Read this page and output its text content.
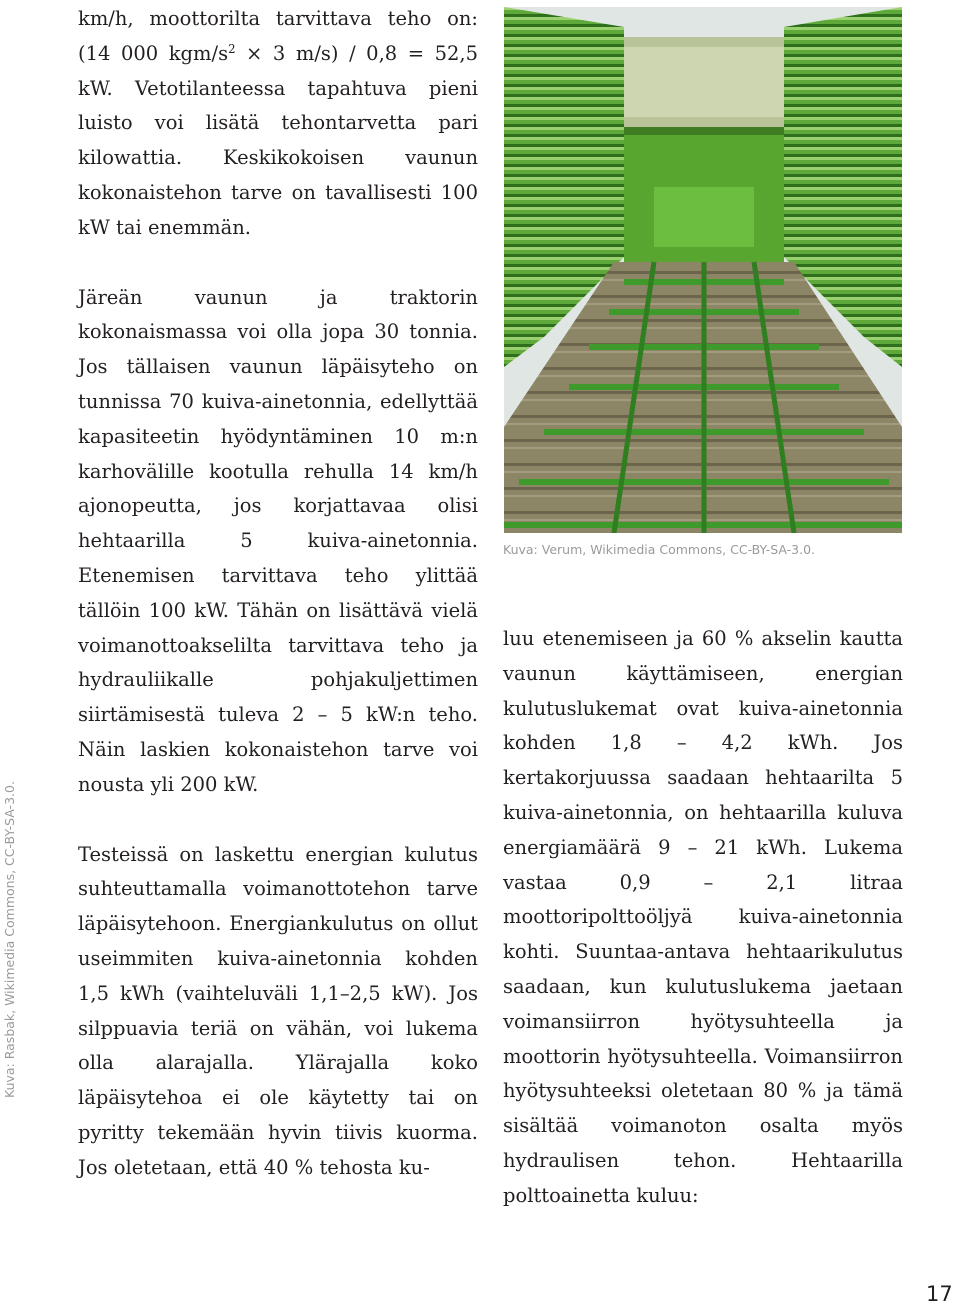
km/h, moottorilta tarvittava teho on: (14 000 kgm/$s^2 \times 3$ m/s) / 0,8 = 52,5 kW. Vetotilanteessa tapahtuva pieni luisto voi lisätä tehontarvetta pari kilowattia. Keskikokoisen vaunun kokonaistehon tarve on tavallisesti 100 kW tai enemmän.

Järeän vaunun ja traktorin kokonaismassa voi olla jopa 30 tonnia. Jos tällaisen vaunun läpäisyteho on tunnissa 70 kuiva-ainetonnia, edellyttää kapasiteetin hyödyntäminen 10 m:n karhovälille kootulla rehulla 14 km/h ajonopeutta, jos korjattavaa olisi hehtaarilla 5 kuiva-ainetonnia. Etenemisen tarvittava teho ylittää tällöin 100 kW. Tähän on lisättävä vielä voimanottoakselilta tarvittava teho ja hydrauliikalle pohjakuljettimen siirtämisestä tuleva 2 – 5 kW:n teho. Näin laskien kokonaistehon tarve voi nousta yli 200 kW.

Testeissä on laskettu energian kulutus suhteuttamalla voimanottotehon tarve läpäisytehoon. Energiankulutus on ollut useimmiten kuiva-ainetonnia kohden 1,5 kWh (vaihteluväli 1,1–2,5 kW). Jos silppuavia teriä on vähän, voi lukema olla alarajalla. Ylärajalla koko läpäisytehoa ei ole käytetty tai on pyritty tekemään hyvin tiivis kuorma. Jos oletetaan, että 40 % tehosta ku-

Kuva: Verum, Wikimedia Commons, CC-BY-SA-3.0.

luu etenemiseen ja 60 % akselin kautta vaunun käyttämiseen, energian kulutuslukemat ovat kuiva-ainetonnia kohden 1,8 – 4,2 kWh. Jos kertakorjuussa saadaan hehtaarilta 5 kuiva-ainetonnia, on hehtaarilla kuluva energiamäärä 9 – 21 kWh. Lukema vastaa 0,9 – 2,1 litraa moottoripolttoöljyä kuiva-ainetonnia kohti. Suuntaa-antava hehtaarikulutus saadaan, kun kulutuslukema jaetaan voimansiirron hyötysuhteella ja moottorin hyötysuhteella. Voimansiirron hyötysuhteeksi oletetaan 80 % ja tämä sisältää voimanoton osalta myös hydraulisen tehon. Hehtaarilla polttoainetta kuluu:

Kuva: Rasbak, Wikimedia Commons, CC-BY-SA-3.0.
17
